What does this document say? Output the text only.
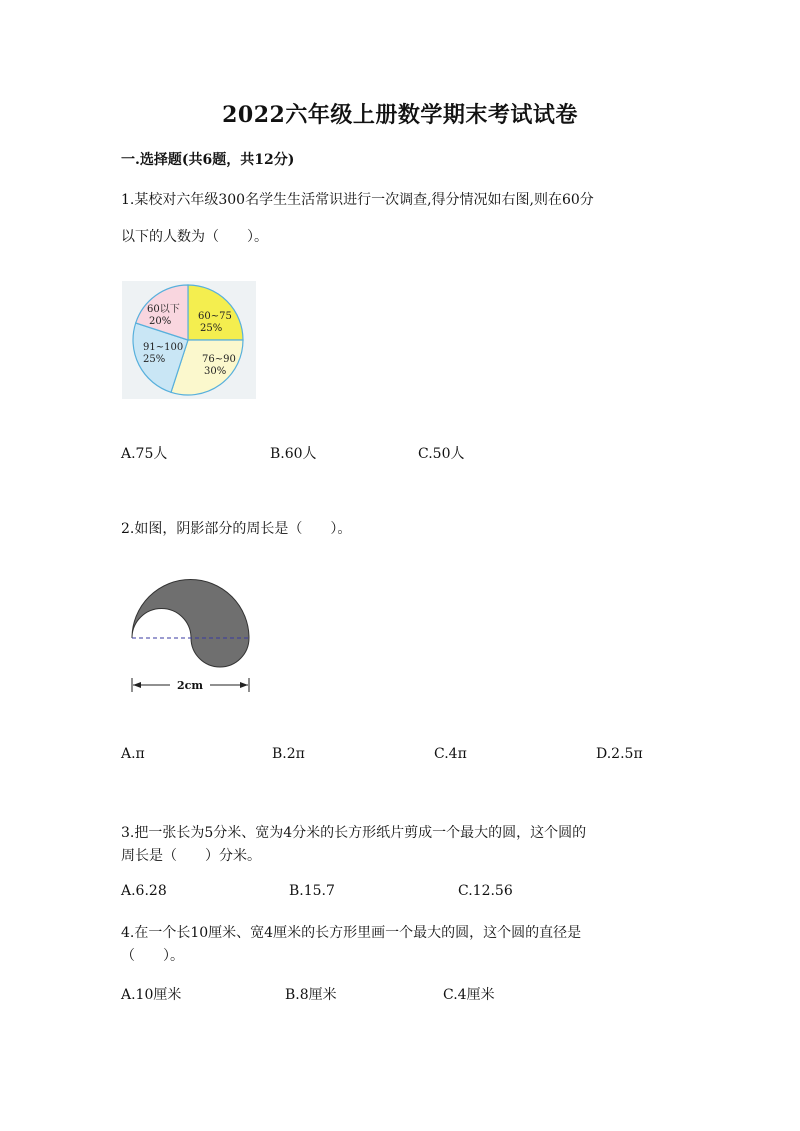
2022六年级上册数学期末考试试卷
一.选择题(共6题，共12分)
1.某校对六年级300名学生生活常识进行一次调查,得分情况如右图,则在60分
以下的人数为（　　）。
60以下
20%	60~75
25%
76~90
30%
91~100
25%
A.75人	B.60人	C.50人
2.如图，阴影部分的周长是（　　）。
2cm
A.π	B.2π	C.4π	D.2.5π
3.把一张长为5分米、宽为4分米的长方形纸片剪成一个最大的圆，这个圆的
周长是（　　）分米。
A.6.28	B.15.7	C.12.56
4.在一个长10厘米、宽4厘米的长方形里画一个最大的圆，这个圆的直径是
（　　）。
A.10厘米	B.8厘米	C.4厘米
